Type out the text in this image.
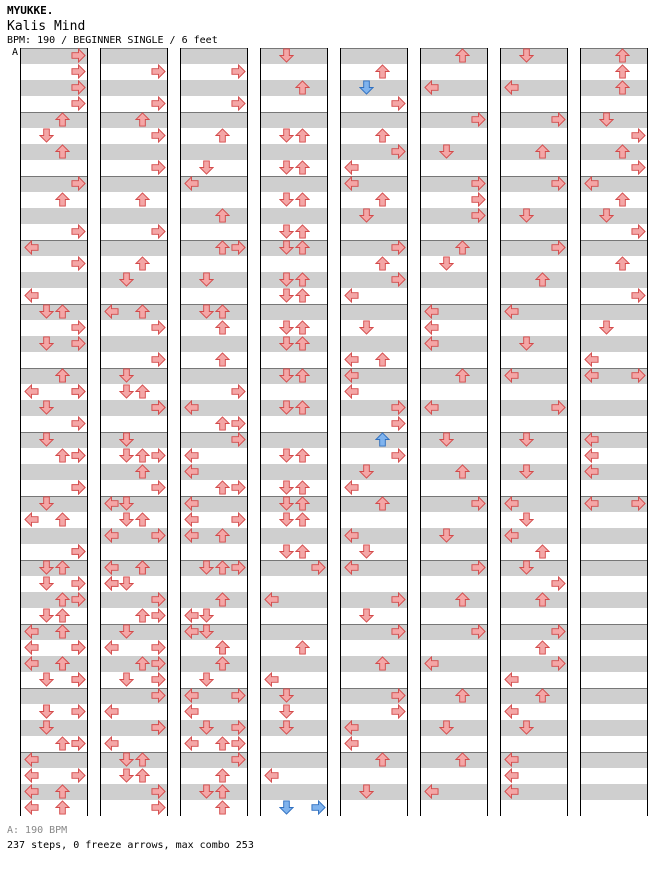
MYUKKE.
Kalis Mind
BPM: 190 / BEGINNER SINGLE / 6 feet
A
A: 190 BPM
237 steps, 0 freeze arrows, max combo 253
